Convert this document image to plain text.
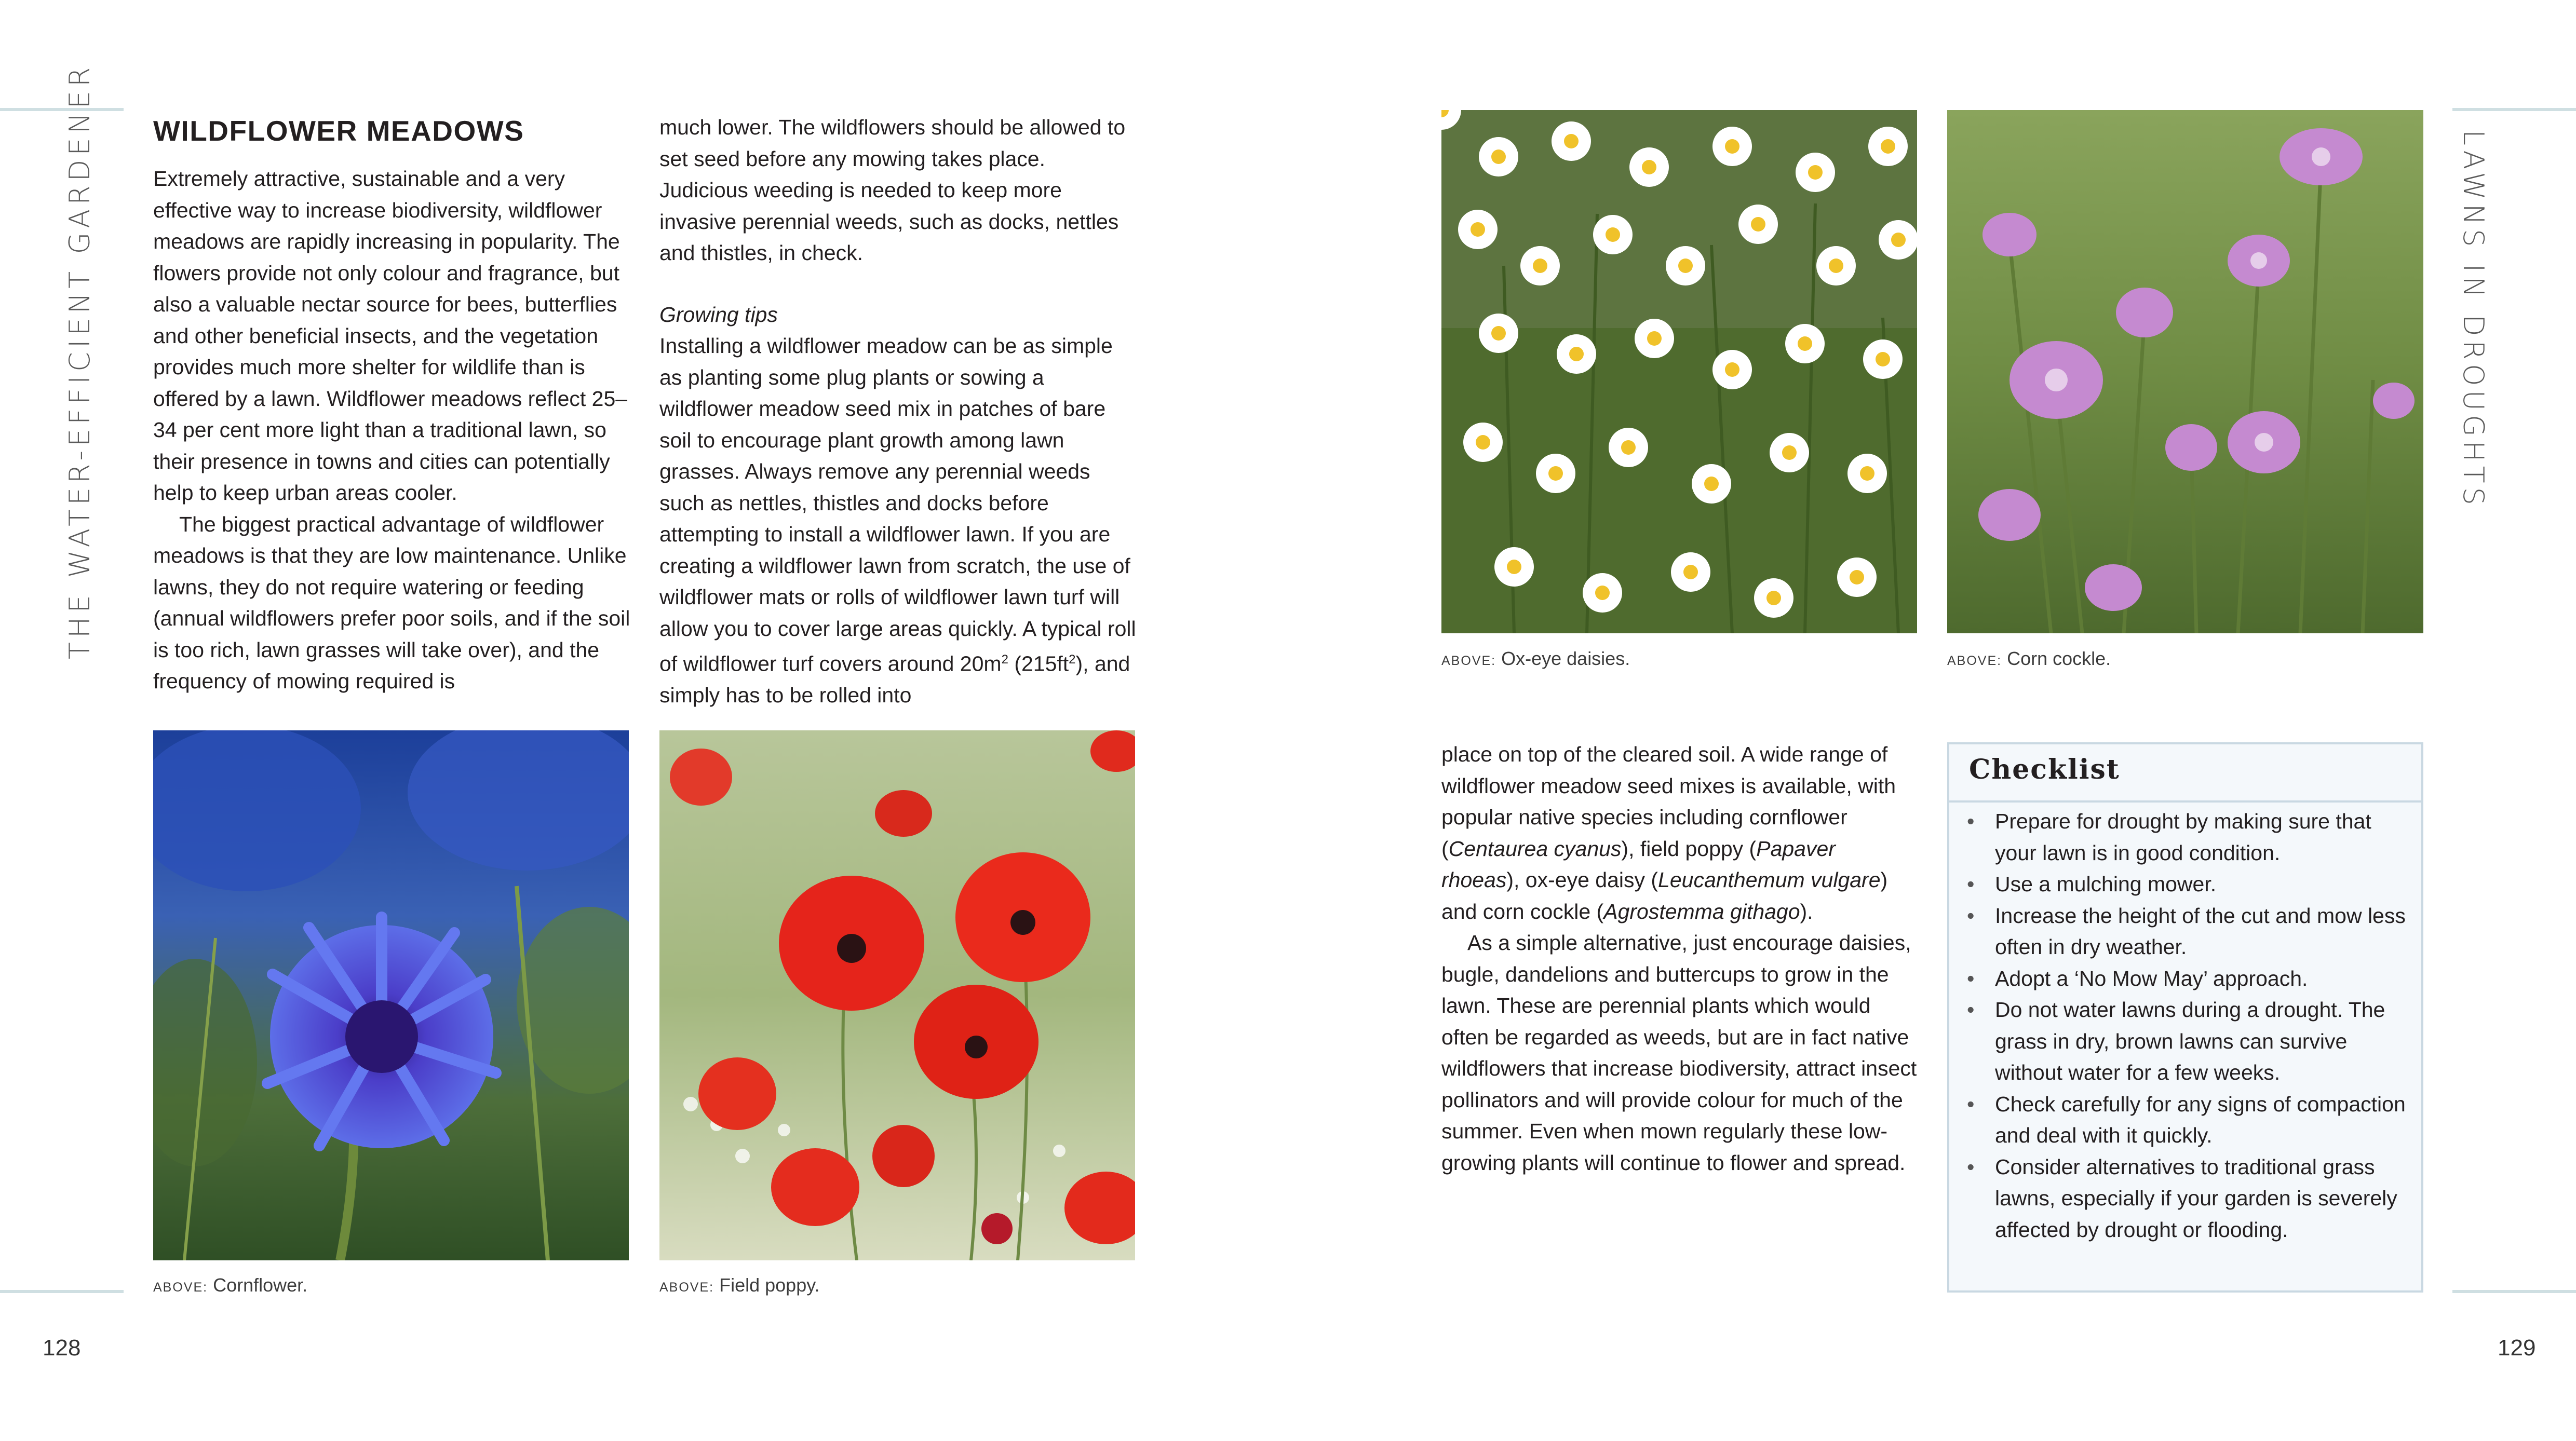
THE WATER-EFFICIENT GARDENER	LAWNS IN DROUGHTS
128	129
WILDFLOWER MEADOWS

Extremely attractive, sustainable and a very effective way to increase biodiversity, wildflower meadows are rapidly increasing in popularity. The flowers provide not only colour and fragrance, but also a valuable nectar source for bees, butterflies and other beneficial insects, and the vegetation provides much more shelter for wildlife than is offered by a lawn. Wildflower meadows reflect 25–34 per cent more light than a traditional lawn, so their presence in towns and cities can potentially help to keep urban areas cooler.

The biggest practical advantage of wildflower meadows is that they are low maintenance. Unlike lawns, they do not require watering or feeding (annual wildflowers prefer poor soils, and if the soil is too rich, lawn grasses will take over), and the frequency of mowing required is

much lower. The wildflowers should be allowed to set seed before any mowing takes place. Judicious weeding is needed to keep more invasive perennial weeds, such as docks, nettles and thistles, in check.

Growing tips

Installing a wildflower meadow can be as simple as planting some plug plants or sowing a wildflower meadow seed mix in patches of bare soil to encourage plant growth among lawn grasses. Always remove any perennial weeds such as nettles, thistles and docks before attempting to install a wildflower lawn. If you are creating a wildflower lawn from scratch, the use of wildflower mats or rolls of wildflower lawn turf will allow you to cover large areas quickly. A typical roll of wildflower turf covers around $20m^2$ $(215ft^2)$, and simply has to be rolled into

ABOVE: Cornflower.	ABOVE: Field poppy.
ABOVE: Ox-eye daisies.	ABOVE: Corn cockle.

place on top of the cleared soil. A wide range of wildflower meadow seed mixes is available, with popular native species including cornflower (Centaurea cyanus), field poppy (Papaver rhoeas), ox-eye daisy (Leucanthemum vulgare) and corn cockle (Agrostemma githago).

As a simple alternative, just encourage daisies, bugle, dandelions and buttercups to grow in the lawn. These are perennial plants which would often be regarded as weeds, but are in fact native wildflowers that increase biodiversity, attract insect pollinators and will provide colour for much of the summer. Even when mown regularly these low-growing plants will continue to flower and spread.

Checklist
• Prepare for drought by making sure that your lawn is in good condition.
• Use a mulching mower.
• Increase the height of the cut and mow less often in dry weather.
• Adopt a ‘No Mow May’ approach.
• Do not water lawns during a drought. The grass in dry, brown lawns can survive without water for a few weeks.
• Check carefully for any signs of compaction and deal with it quickly.
• Consider alternatives to traditional grass lawns, especially if your garden is severely affected by drought or flooding.
